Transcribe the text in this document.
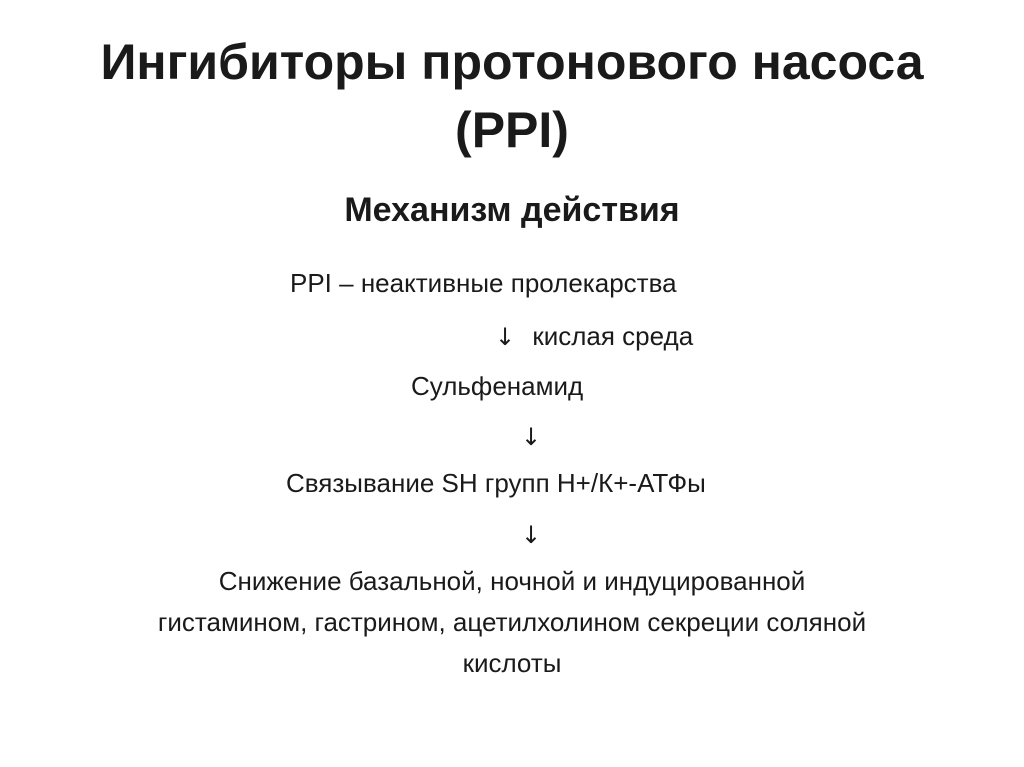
Ингибиторы протонового насоса
(PPI)
Механизм действия
PPI – неактивные пролекарства
↓ кислая среда
Сульфенамид
↓
Связывание SH групп Н+/К+-АТФы
↓

Снижение базальной, ночной и индуцированной
гистамином, гастрином, ацетилхолином секреции соляной
кислоты
